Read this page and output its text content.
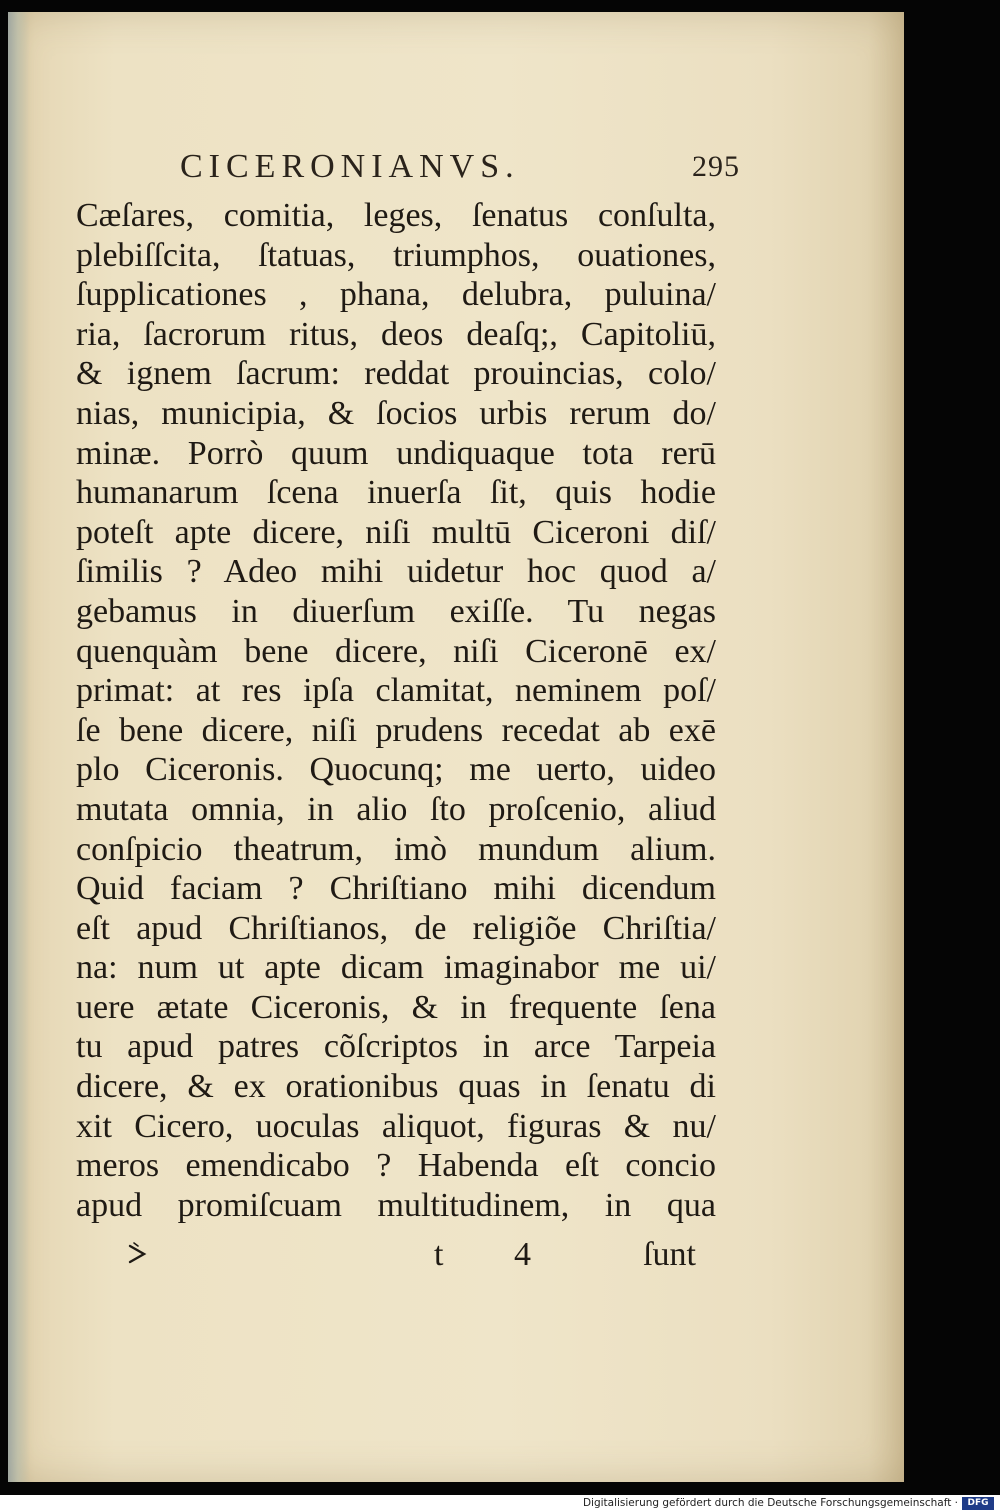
CICERONIANVS.	295
Cæſares, comitia, leges, ſenatus conſulta,
plebiſſcita, ſtatuas, triumphos, ouationes,
ſupplicationes , phana, delubra, puluina/
ria, ſacrorum ritus, deos deaſq;, Capitoliū,
& ignem ſacrum: reddat prouincias, colo/
nias, municipia, & ſocios urbis rerum do/
minæ. Porrò quum undiquaque tota rerū
humanarum ſcena inuerſa ſit, quis hodie
poteſt apte dicere, niſi multū Ciceroni diſ/
ſimilis ? Adeo mihi uidetur hoc quod a/
gebamus in diuerſum exiſſe. Tu negas
quenquàm bene dicere, niſi Ciceronē ex/
primat: at res ipſa clamitat, neminem poſ/
ſe bene dicere, niſi prudens recedat ab exē
plo Ciceronis. Quocunq; me uerto, uideo
mutata omnia, in alio ſto proſcenio, aliud
conſpicio theatrum, imò mundum alium.
Quid faciam ? Chriſtiano mihi dicendum
eſt apud Chriſtianos, de religiõe Chriſtia/
na: num ut apte dicam imaginabor me ui/
uere ætate Ciceronis, & in frequente ſena
tu apud patres cõſcriptos in arce Tarpeia
dicere, & ex orationibus quas in ſenatu di
xit Cicero, uoculas aliquot, figuras & nu/
meros emendicabo ? Habenda eſt concio
apud promiſcuam multitudinem, in qua
t 4	ſunt
Digitalisierung gefördert durch die Deutsche Forschungsgemeinschaft ·	DFG
